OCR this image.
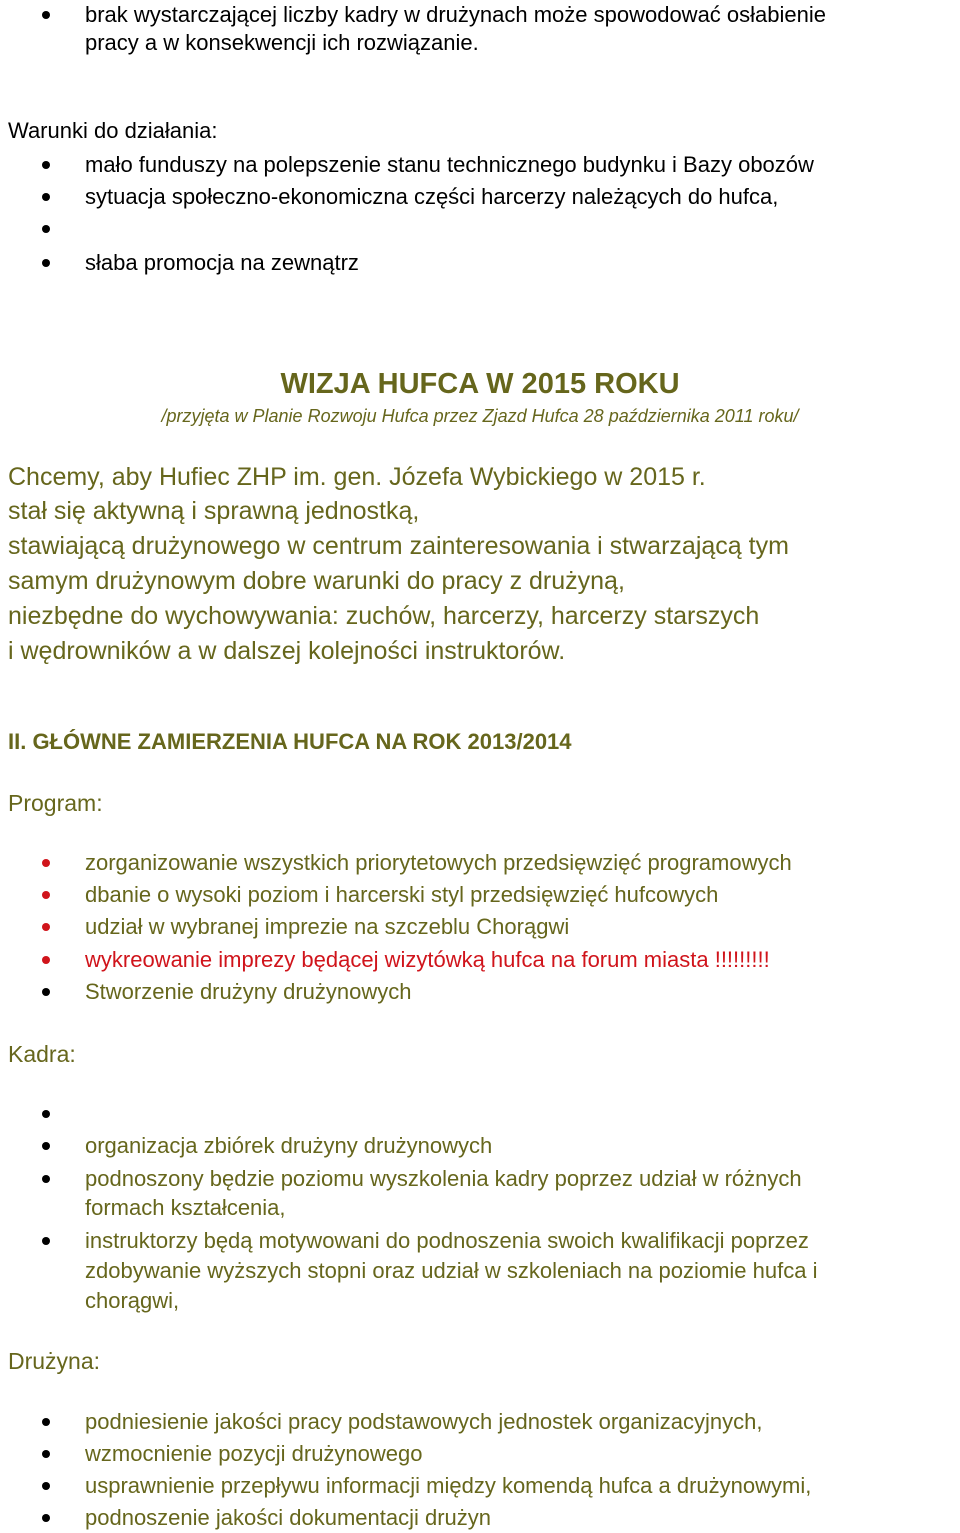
brak wystarczającej liczby kadry w drużynach może spowodować osłabienie
pracy a w konsekwencji ich rozwiązanie.
Warunki do działania:
mało funduszy na polepszenie stanu technicznego budynku i Bazy obozów
sytuacja społeczno-ekonomiczna części harcerzy należących do hufca,
słaba promocja na zewnątrz
WIZJA HUFCA W 2015 ROKU
/przyjęta w Planie Rozwoju Hufca przez Zjazd Hufca 28 października 2011 roku/
Chcemy, aby Hufiec ZHP im. gen. Józefa Wybickiego w 2015 r.
stał się aktywną i sprawną jednostką,
stawiającą drużynowego w centrum zainteresowania i stwarzającą tym
samym drużynowym dobre warunki do pracy z drużyną,
niezbędne do wychowywania: zuchów, harcerzy, harcerzy starszych
i wędrowników a w dalszej kolejności instruktorów.
II. GŁÓWNE ZAMIERZENIA HUFCA NA ROK 2013/2014
Program:
zorganizowanie wszystkich priorytetowych przedsięwzięć programowych
dbanie o wysoki poziom i harcerski styl przedsięwzięć hufcowych
udział w wybranej imprezie na szczeblu Chorągwi
wykreowanie imprezy będącej wizytówką hufca na forum miasta !!!!!!!!!
Stworzenie drużyny drużynowych
Kadra:
organizacja zbiórek drużyny drużynowych
podnoszony będzie poziomu wyszkolenia kadry poprzez udział w różnych
formach kształcenia,
instruktorzy będą motywowani do podnoszenia swoich kwalifikacji poprzez
zdobywanie wyższych stopni oraz udział w szkoleniach na poziomie hufca i
chorągwi,
Drużyna:
podniesienie jakości pracy podstawowych jednostek organizacyjnych,
wzmocnienie pozycji drużynowego
usprawnienie przepływu informacji między komendą hufca a drużynowymi,
podnoszenie jakości dokumentacji drużyn
